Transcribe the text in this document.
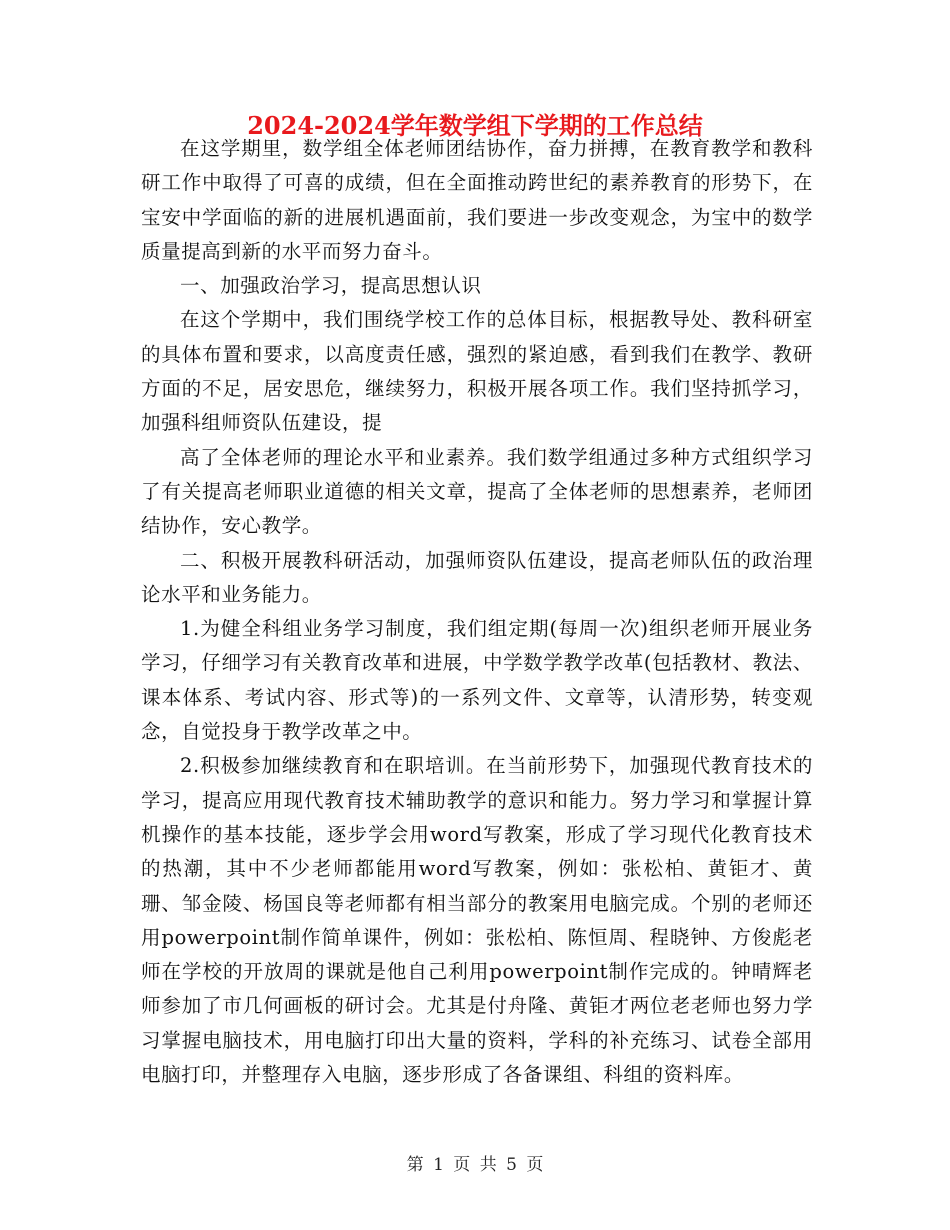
2024-2024学年数学组下学期的工作总结

在这学期里，数学组全体老师团结协作，奋力拼搏，在教育教学和教科研工作中取得了可喜的成绩，但在全面推动跨世纪的素养教育的形势下，在宝安中学面临的新的进展机遇面前，我们要进一步改变观念，为宝中的数学质量提高到新的水平而努力奋斗。

一、加强政治学习，提高思想认识

在这个学期中，我们围绕学校工作的总体目标，根据教导处、教科研室的具体布置和要求，以高度责任感，强烈的紧迫感，看到我们在教学、教研方面的不足，居安思危，继续努力，积极开展各项工作。我们坚持抓学习，加强科组师资队伍建设，提

高了全体老师的理论水平和业素养。我们数学组通过多种方式组织学习了有关提高老师职业道德的相关文章，提高了全体老师的思想素养，老师团结协作，安心教学。

二、积极开展教科研活动，加强师资队伍建设，提高老师队伍的政治理论水平和业务能力。

1.为健全科组业务学习制度，我们组定期(每周一次)组织老师开展业务学习，仔细学习有关教育改革和进展，中学数学教学改革(包括教材、教法、课本体系、考试内容、形式等)的一系列文件、文章等，认清形势，转变观念，自觉投身于教学改革之中。

2.积极参加继续教育和在职培训。在当前形势下，加强现代教育技术的学习，提高应用现代教育技术辅助教学的意识和能力。努力学习和掌握计算机操作的基本技能，逐步学会用word写教案，形成了学习现代化教育技术的热潮，其中不少老师都能用word写教案，例如：张松柏、黄钜才、黄珊、邹金陵、杨国良等老师都有相当部分的教案用电脑完成。个别的老师还用powerpoint制作简单课件，例如：张松柏、陈恒周、程晓钟、方俊彪老师在学校的开放周的课就是他自己利用powerpoint制作完成的。钟晴辉老师参加了市几何画板的研讨会。尤其是付舟隆、黄钜才两位老老师也努力学习掌握电脑技术，用电脑打印出大量的资料，学科的补充练习、试卷全部用电脑打印，并整理存入电脑，逐步形成了各备课组、科组的资料库。

第 1 页 共 5 页
